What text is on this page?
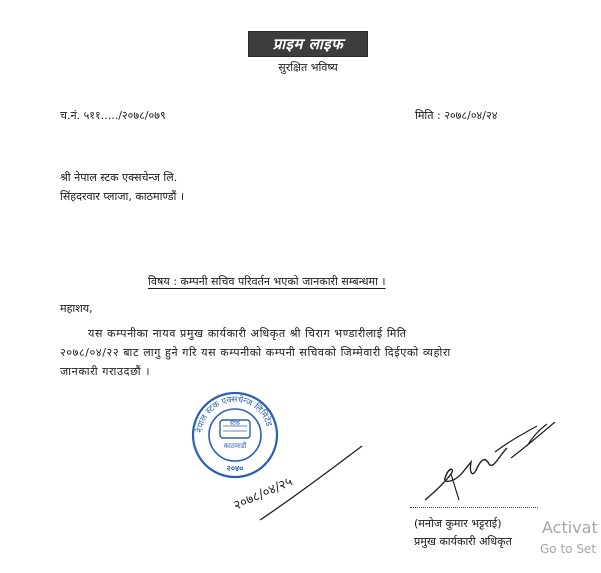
प्राइम लाइफ
सुरक्षित भविष्य
च.नं. ५११...../२०७८/०७९	मिति : २०७८/०४/२४
श्री नेपाल स्टक एक्सचेन्ज लि.
सिंहदरवार प्लाजा, काठमाण्डौं ।
विषय : कम्पनी सचिव परिवर्तन भएको जानकारी सम्बन्धमा ।
महाशय,
यस कम्पनीका नायव प्रमुख कार्यकारी अधिकृत श्री चिराग भण्डारीलाई मिति
२०७८/०४/२२ बाट लागु हुने गरि यस कम्पनीको कम्पनी सचिवको जिम्मेवारी दिईएको व्यहोरा
जानकारी गराउदछौं ।
नेपाल स्टक एक्सचेन्ज लिमिटेड
स्टक
काठमाडौं
२०४०
२०७८/०४/२५
(मनोज कुमार भट्टराई)
प्रमुख कार्यकारी अधिकृत
Activat
Go to Set
